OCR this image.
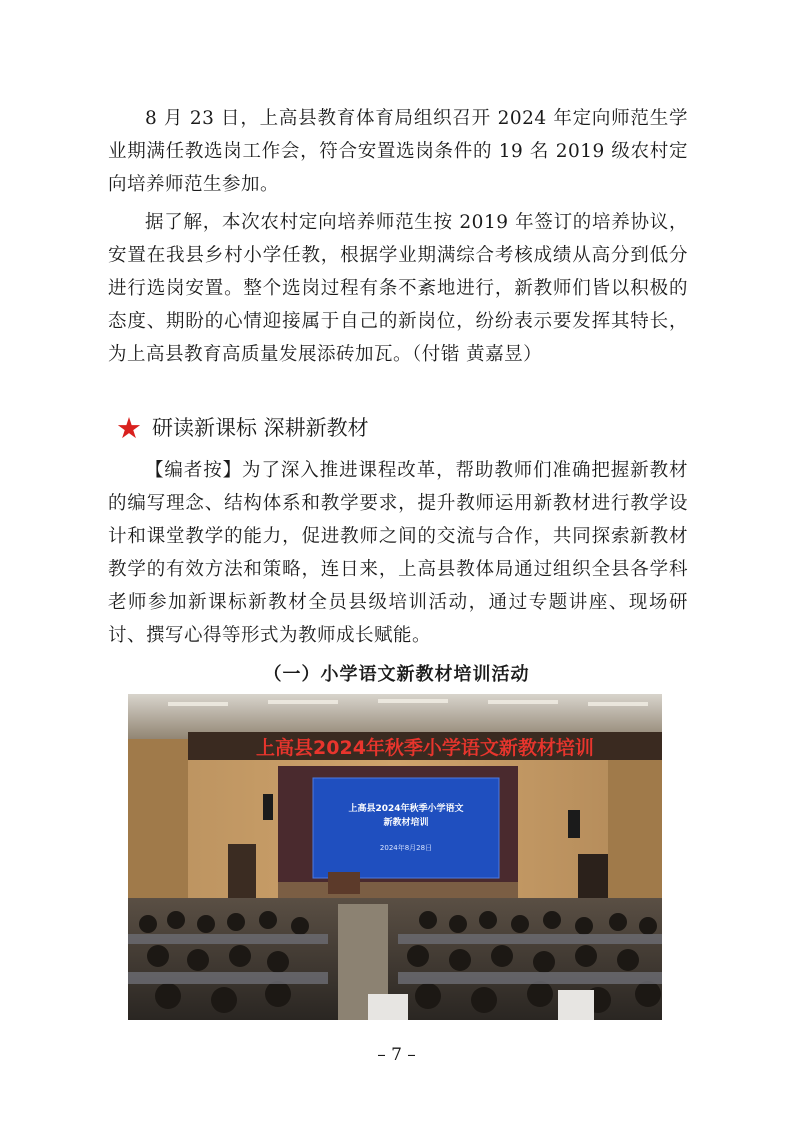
8 月 23 日，上高县教育体育局组织召开 2024 年定向师范生学业期满任教选岗工作会，符合安置选岗条件的 19 名 2019 级农村定向培养师范生参加。
据了解，本次农村定向培养师范生按 2019 年签订的培养协议，安置在我县乡村小学任教，根据学业期满综合考核成绩从高分到低分进行选岗安置。整个选岗过程有条不紊地进行，新教师们皆以积极的态度、期盼的心情迎接属于自己的新岗位，纷纷表示要发挥其特长，为上高县教育高质量发展添砖加瓦。（付锴 黄嘉昱）
★ 研读新课标 深耕新教材
【编者按】为了深入推进课程改革，帮助教师们准确把握新教材的编写理念、结构体系和教学要求，提升教师运用新教材进行教学设计和课堂教学的能力，促进教师之间的交流与合作，共同探索新教材教学的有效方法和策略，连日来，上高县教体局通过组织全县各学科老师参加新课标新教材全员县级培训活动，通过专题讲座、现场研讨、撰写心得等形式为教师成长赋能。
（一）小学语文新教材培训活动
上高县2024年秋季小学语文新教材培训
上高县2024年秋季小学语文
新教材培训
2024年8月28日
– 7 –
